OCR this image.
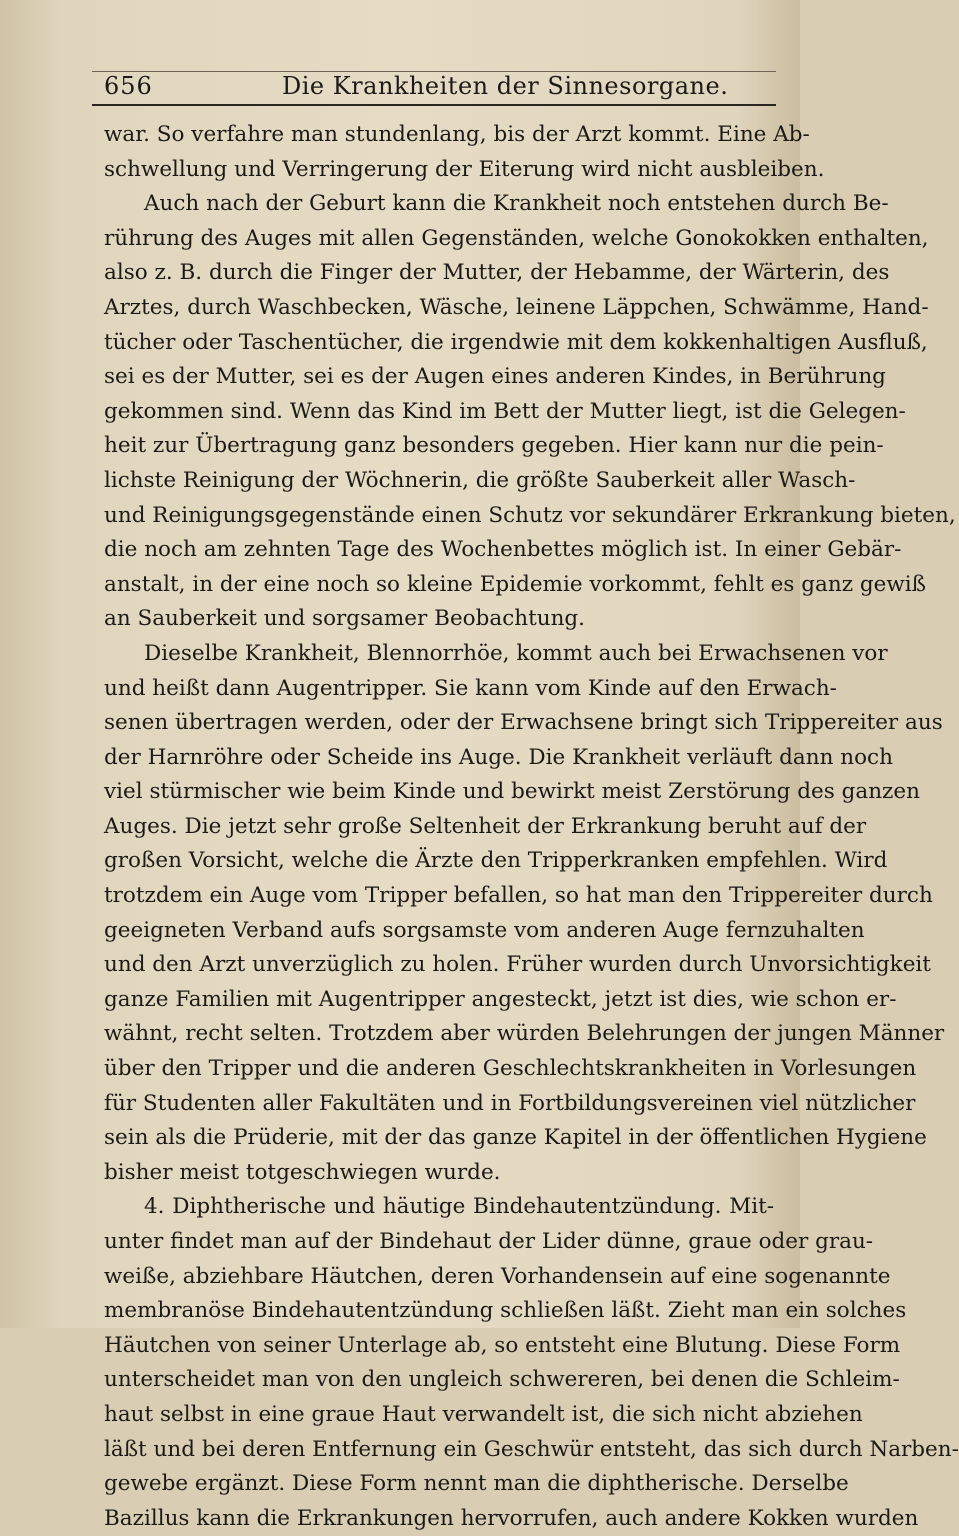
656	Die Krankheiten der Sinnesorgane.
war. So verfahre man stundenlang, bis der Arzt kommt. Eine Ab-
schwellung und Verringerung der Eiterung wird nicht ausbleiben.
Auch nach der Geburt kann die Krankheit noch entstehen durch Be-
rührung des Auges mit allen Gegenständen, welche Gonokokken enthalten,
also z. B. durch die Finger der Mutter, der Hebamme, der Wärterin, des
Arztes, durch Waschbecken, Wäsche, leinene Läppchen, Schwämme, Hand-
tücher oder Taschentücher, die irgendwie mit dem kokkenhaltigen Ausfluß,
sei es der Mutter, sei es der Augen eines anderen Kindes, in Berührung
gekommen sind. Wenn das Kind im Bett der Mutter liegt, ist die Gelegen-
heit zur Übertragung ganz besonders gegeben. Hier kann nur die pein-
lichste Reinigung der Wöchnerin, die größte Sauberkeit aller Wasch-
und Reinigungsgegenstände einen Schutz vor sekundärer Erkrankung bieten,
die noch am zehnten Tage des Wochenbettes möglich ist. In einer Gebär-
anstalt, in der eine noch so kleine Epidemie vorkommt, fehlt es ganz gewiß
an Sauberkeit und sorgsamer Beobachtung.
Dieselbe Krankheit, Blennorrhöe, kommt auch bei Erwachsenen vor
und heißt dann Augentripper. Sie kann vom Kinde auf den Erwach-
senen übertragen werden, oder der Erwachsene bringt sich Trippereiter aus
der Harnröhre oder Scheide ins Auge. Die Krankheit verläuft dann noch
viel stürmischer wie beim Kinde und bewirkt meist Zerstörung des ganzen
Auges. Die jetzt sehr große Seltenheit der Erkrankung beruht auf der
großen Vorsicht, welche die Ärzte den Tripperkranken empfehlen. Wird
trotzdem ein Auge vom Tripper befallen, so hat man den Trippereiter durch
geeigneten Verband aufs sorgsamste vom anderen Auge fernzuhalten
und den Arzt unverzüglich zu holen. Früher wurden durch Unvorsichtigkeit
ganze Familien mit Augentripper angesteckt, jetzt ist dies, wie schon er-
wähnt, recht selten. Trotzdem aber würden Belehrungen der jungen Männer
über den Tripper und die anderen Geschlechtskrankheiten in Vorlesungen
für Studenten aller Fakultäten und in Fortbildungsvereinen viel nützlicher
sein als die Prüderie, mit der das ganze Kapitel in der öffentlichen Hygiene
bisher meist totgeschwiegen wurde.
4. Diphtherische und häutige Bindehautentzündung. Mit-
unter findet man auf der Bindehaut der Lider dünne, graue oder grau-
weiße, abziehbare Häutchen, deren Vorhandensein auf eine sogenannte
membranöse Bindehautentzündung schließen läßt. Zieht man ein solches
Häutchen von seiner Unterlage ab, so entsteht eine Blutung. Diese Form
unterscheidet man von den ungleich schwereren, bei denen die Schleim-
haut selbst in eine graue Haut verwandelt ist, die sich nicht abziehen
läßt und bei deren Entfernung ein Geschwür entsteht, das sich durch Narben-
gewebe ergänzt. Diese Form nennt man die diphtherische. Derselbe
Bazillus kann die Erkrankungen hervorrufen, auch andere Kokken wurden
